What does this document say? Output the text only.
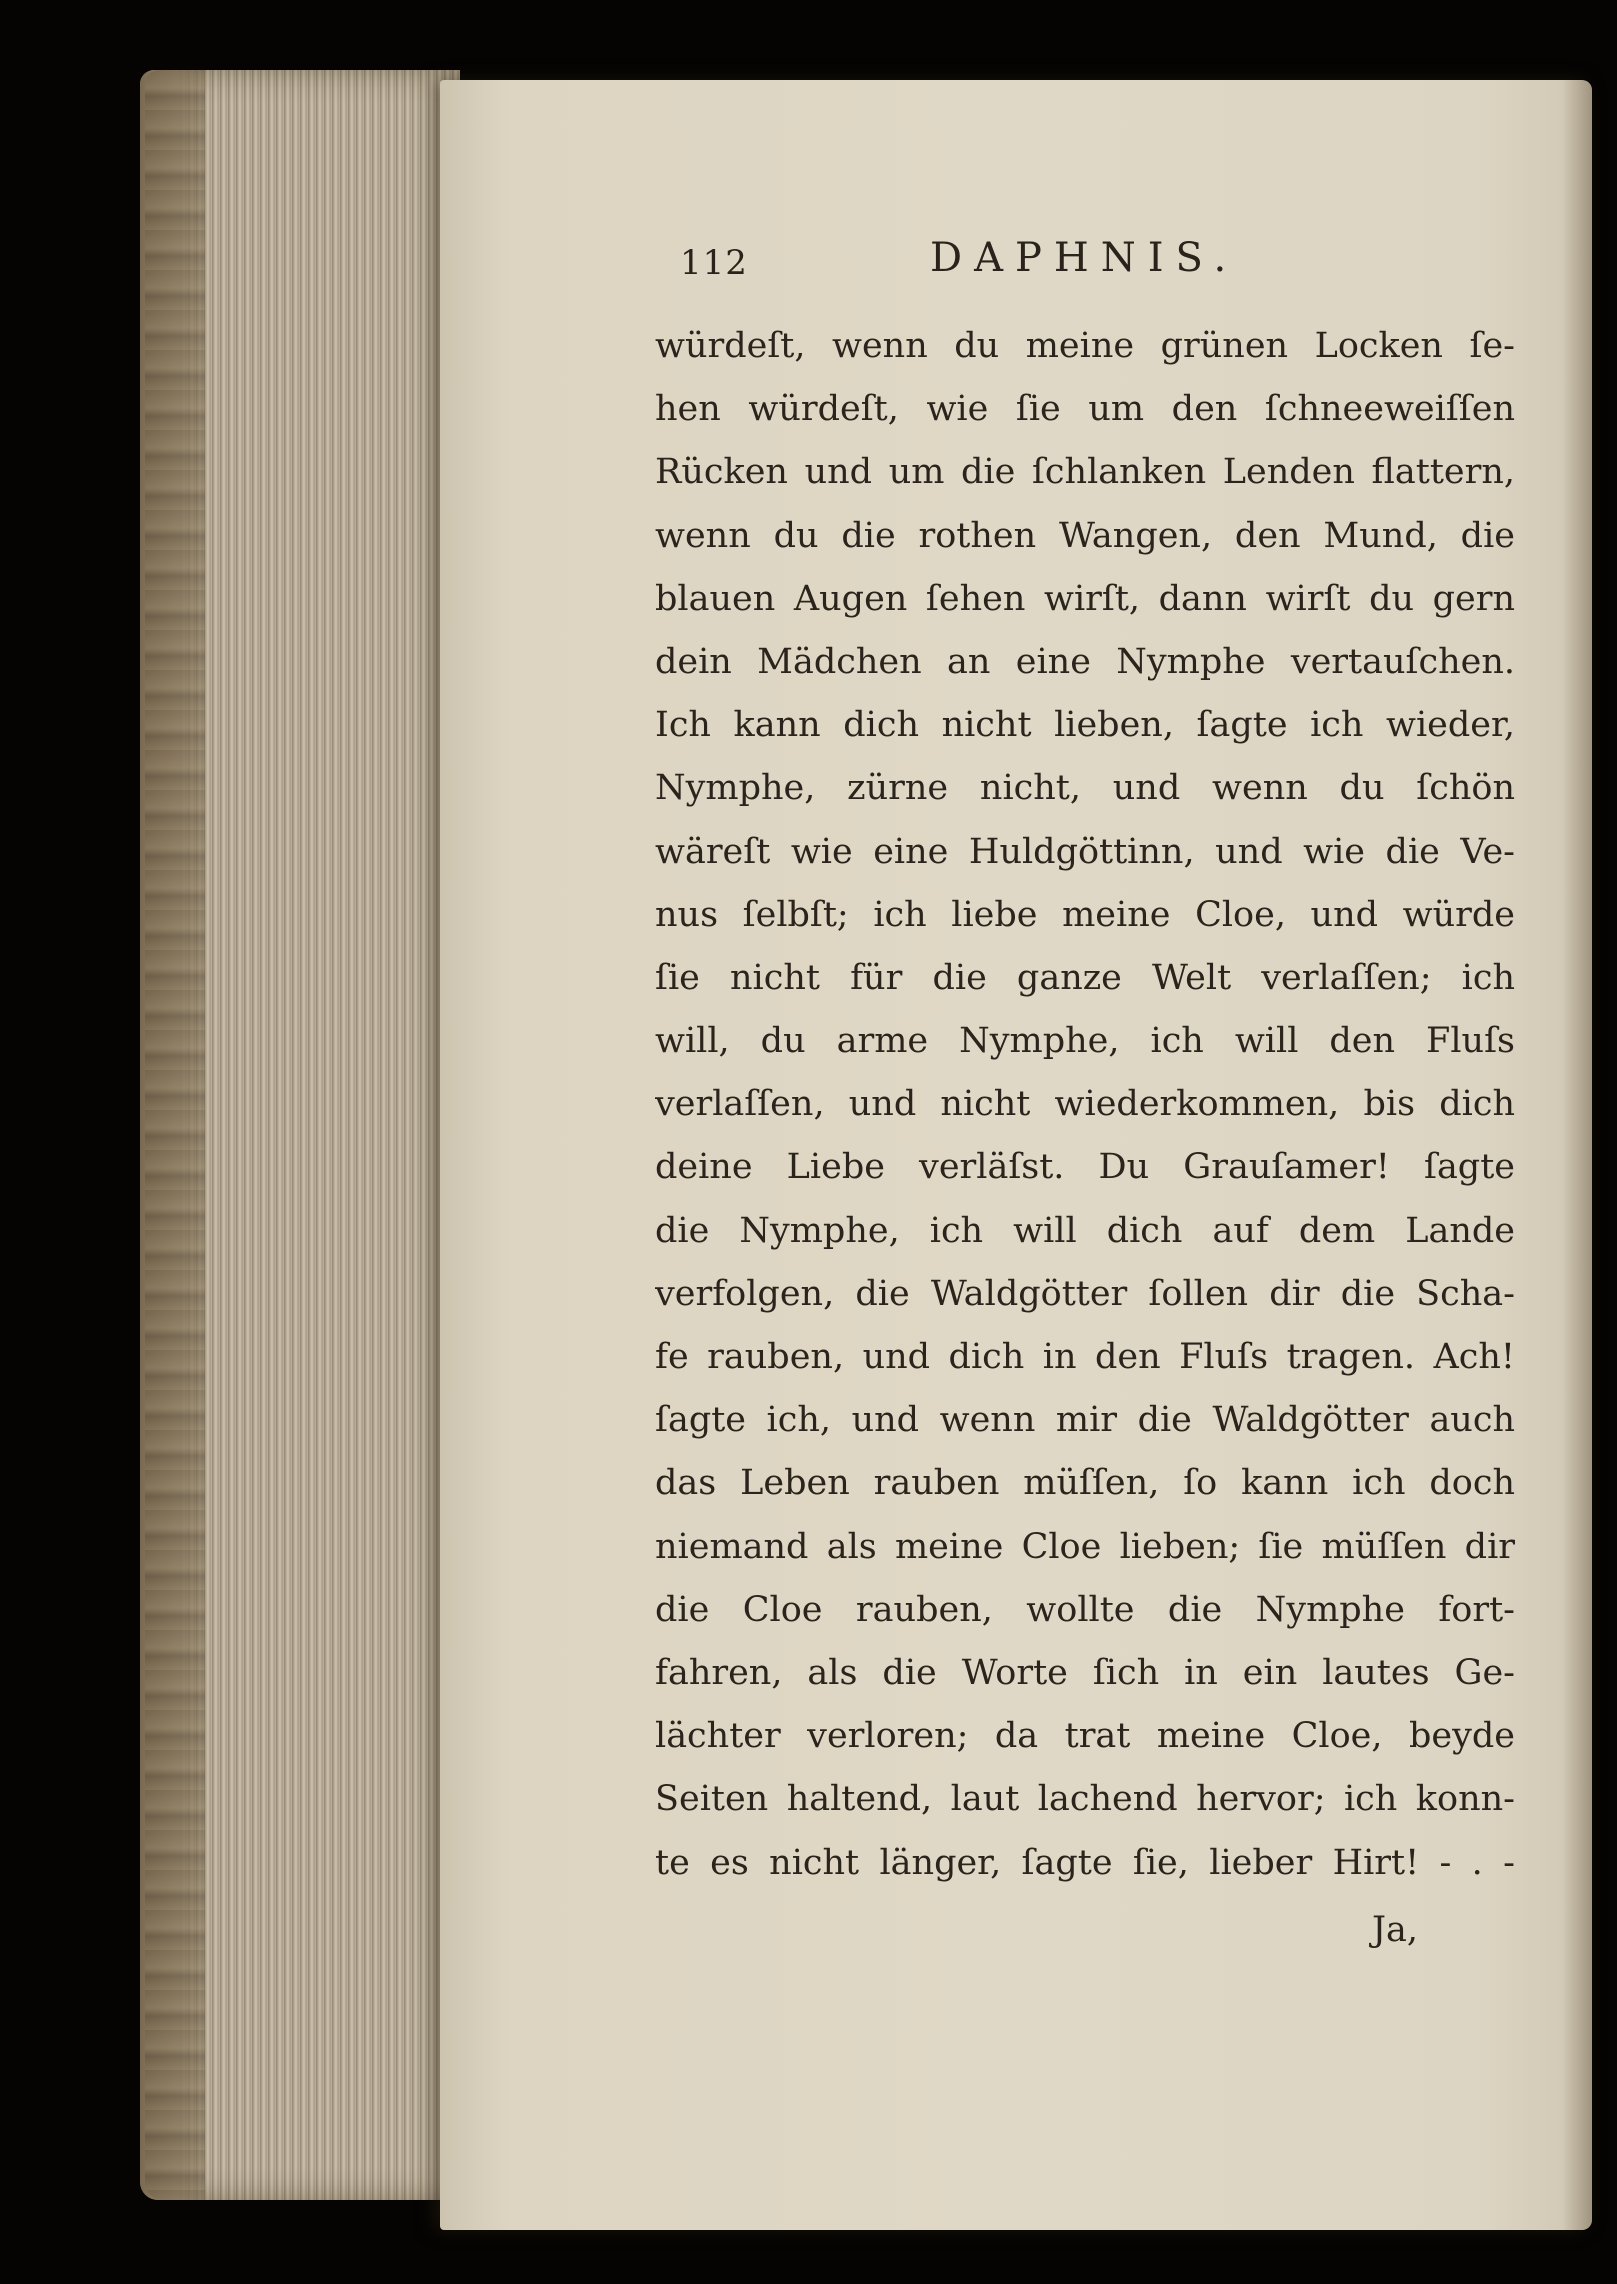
112	DAPHNIS.
würdeſt, wenn du meine grünen Locken ſe-
hen würdeſt, wie ſie um den ſchneeweiſſen
Rücken und um die ſchlanken Lenden flattern,
wenn du die rothen Wangen, den Mund, die
blauen Augen ſehen wirſt, dann wirſt du gern
dein Mädchen an eine Nymphe vertauſchen.
Ich kann dich nicht lieben, ſagte ich wieder,
Nymphe, zürne nicht, und wenn du ſchön
wäreſt wie eine Huldgöttinn, und wie die Ve-
nus ſelbſt; ich liebe meine Cloe, und würde
ſie nicht für die ganze Welt verlaſſen; ich
will, du arme Nymphe, ich will den Fluſs
verlaſſen, und nicht wiederkommen, bis dich
deine Liebe verläſst. Du Grauſamer! ſagte
die Nymphe, ich will dich auf dem Lande
verfolgen, die Waldgötter ſollen dir die Scha-
fe rauben, und dich in den Fluſs tragen. Ach!
ſagte ich, und wenn mir die Waldgötter auch
das Leben rauben müſſen, ſo kann ich doch
niemand als meine Cloe lieben; ſie müſſen dir
die Cloe rauben, wollte die Nymphe fort-
fahren, als die Worte ſich in ein lautes Ge-
lächter verloren; da trat meine Cloe, beyde
Seiten haltend, laut lachend hervor; ich konn-
te es nicht länger, ſagte ſie, lieber Hirt! - . -
Ja,
